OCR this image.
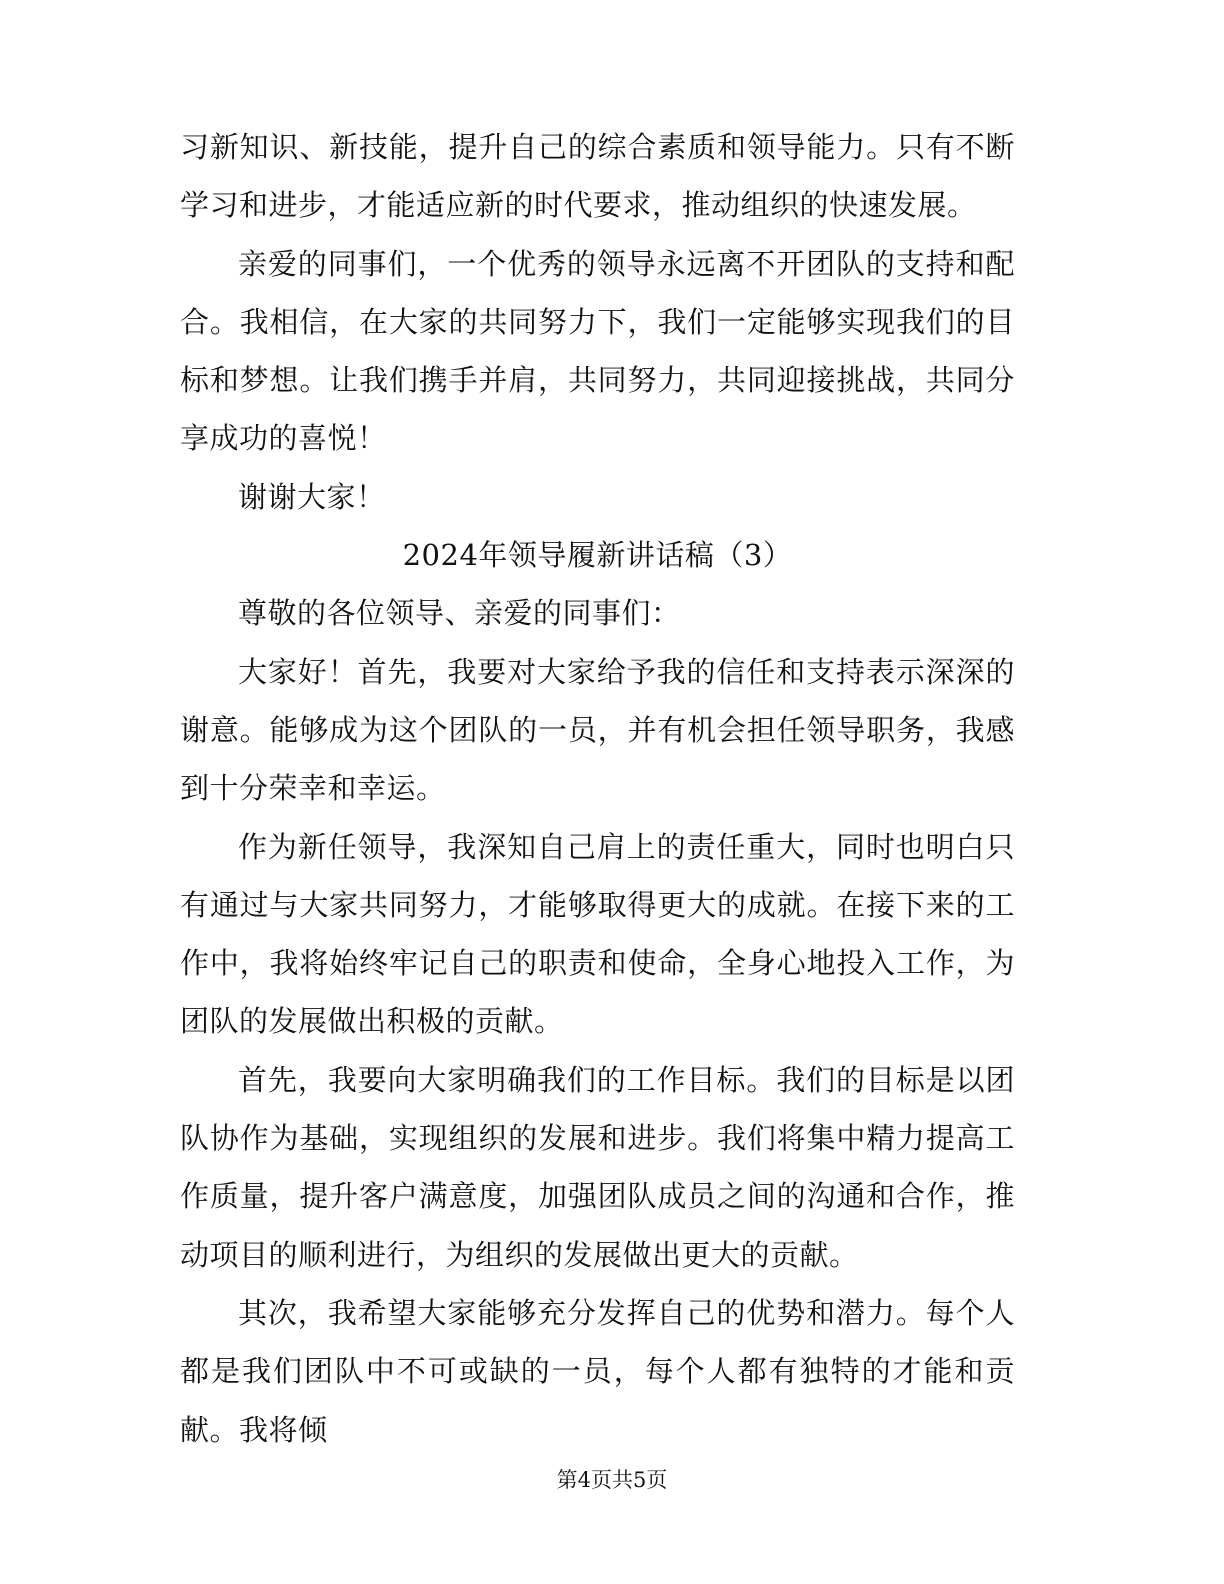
习新知识、新技能，提升自己的综合素质和领导能力。只有不断学习和进步，才能适应新的时代要求，推动组织的快速发展。

亲爱的同事们，一个优秀的领导永远离不开团队的支持和配合。我相信，在大家的共同努力下，我们一定能够实现我们的目标和梦想。让我们携手并肩，共同努力，共同迎接挑战，共同分享成功的喜悦！

谢谢大家！

2024年领导履新讲话稿（3）

尊敬的各位领导、亲爱的同事们：

大家好！首先，我要对大家给予我的信任和支持表示深深的谢意。能够成为这个团队的一员，并有机会担任领导职务，我感到十分荣幸和幸运。

作为新任领导，我深知自己肩上的责任重大，同时也明白只有通过与大家共同努力，才能够取得更大的成就。在接下来的工作中，我将始终牢记自己的职责和使命，全身心地投入工作，为团队的发展做出积极的贡献。

首先，我要向大家明确我们的工作目标。我们的目标是以团队协作为基础，实现组织的发展和进步。我们将集中精力提高工作质量，提升客户满意度，加强团队成员之间的沟通和合作，推动项目的顺利进行，为组织的发展做出更大的贡献。

其次，我希望大家能够充分发挥自己的优势和潜力。每个人都是我们团队中不可或缺的一员，每个人都有独特的才能和贡献。我将倾

第4页共5页
